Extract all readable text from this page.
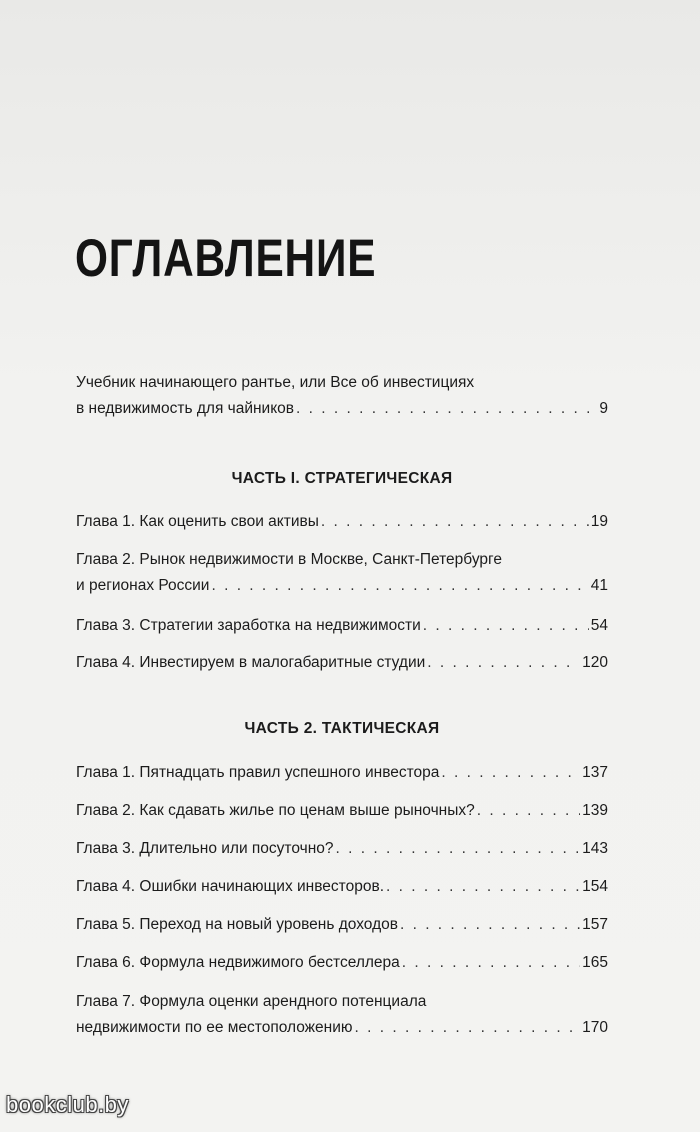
ОГЛАВЛЕНИЕ
Учебник начинающего рантье, или Все об инвестициях
в недвижимость для чайников . . .	9
ЧАСТЬ I. СТРАТЕГИЧЕСКАЯ
Глава 1. Как оценить свои активы . . .	19
Глава 2. Рынок недвижимости в Москве, Санкт-Петербурге
и регионах России . . .	41
Глава 3. Стратегии заработка на недвижимости . . .	54
Глава 4. Инвестируем в малогабаритные студии . . .	120
ЧАСТЬ 2. ТАКТИЧЕСКАЯ
Глава 1. Пятнадцать правил успешного инвестора . . .	137
Глава 2. Как сдавать жилье по ценам выше рыночных? . . .	139
Глава 3. Длительно или посуточно? . . .	143
Глава 4. Ошибки начинающих инвесторов. . . .	154
Глава 5. Переход на новый уровень доходов . . .	157
Глава 6. Формула недвижимого бестселлера . . .	165
Глава 7. Формула оценки арендного потенциала
недвижимости по ее местоположению . . .	170
bookclub.by
